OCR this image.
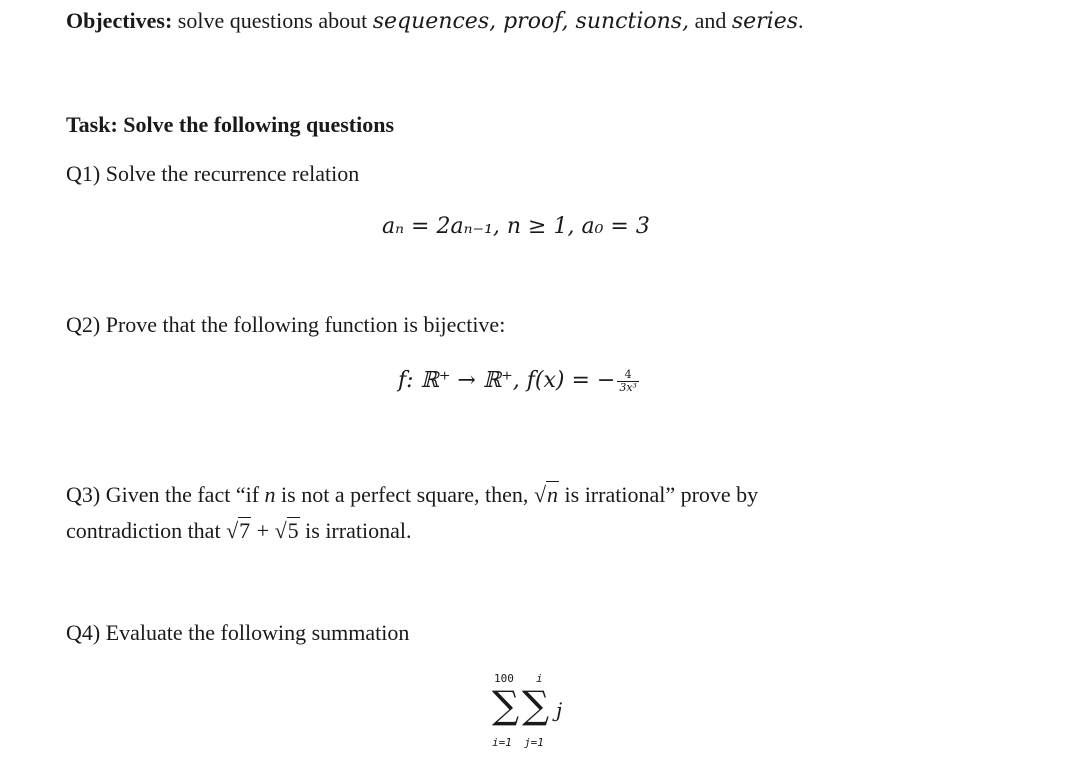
Objectives: solve questions about sequences, proof, sunctions, and series.
Task: Solve the following questions
Q1) Solve the recurrence relation
aₙ = 2aₙ₋₁, n ≥ 1, a₀ = 3
Q2) Prove that the following function is bijective:
f: ℝ⁺ → ℝ⁺, f(x) = − $\frac{4}{\text{3x³}}$
Q3) Given the fact “if n is not a perfect square, then, √n is irrational” prove by
contradiction that √7 + √5 is irrational.
Q4) Evaluate the following summation
100 i
∑ ∑ j
i=1 j=1
